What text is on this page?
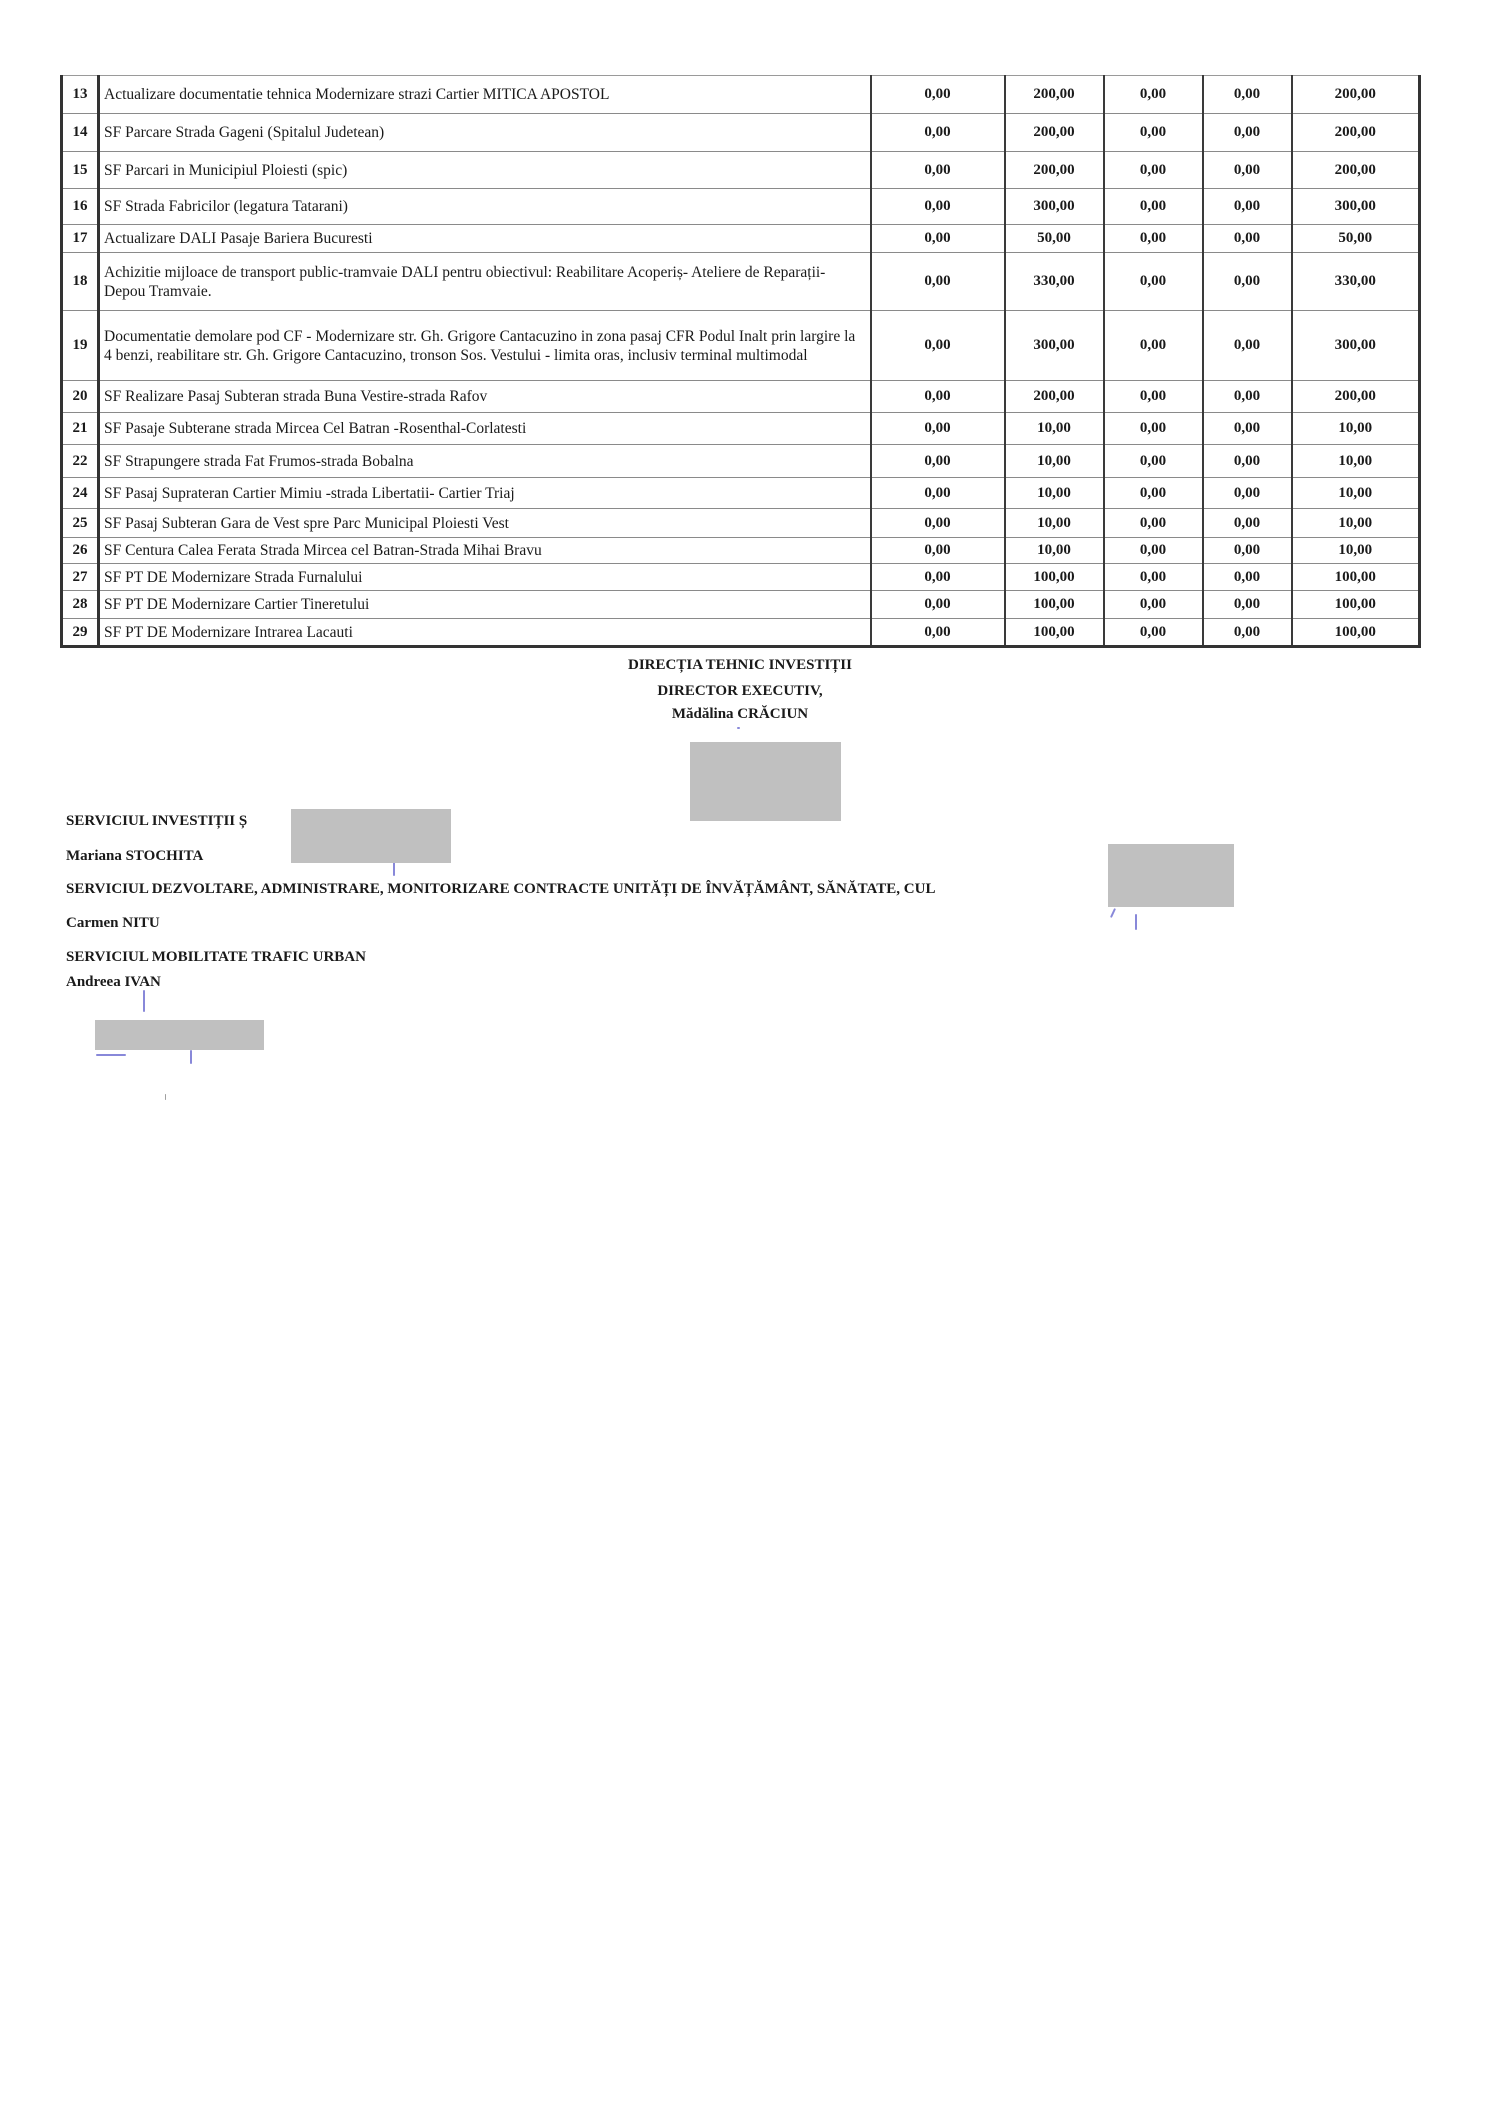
13	Actualizare documentatie tehnica Modernizare strazi Cartier MITICA APOSTOL	0,00	200,00	0,00	0,00	200,00
14	SF Parcare Strada Gageni (Spitalul Judetean)	0,00	200,00	0,00	0,00	200,00
15	SF Parcari in Municipiul Ploiesti (spic)	0,00	200,00	0,00	0,00	200,00
16	SF Strada Fabricilor (legatura Tatarani)	0,00	300,00	0,00	0,00	300,00
17	Actualizare DALI Pasaje Bariera Bucuresti	0,00	50,00	0,00	0,00	50,00
18	Achizitie mijloace de transport public-tramvaie DALI pentru obiectivul: Reabilitare Acoperiș- Ateliere de Reparații-Depou Tramvaie.	0,00	330,00	0,00	0,00	330,00
19	Documentatie demolare pod CF - Modernizare str. Gh. Grigore Cantacuzino in zona pasaj CFR Podul Inalt prin largire la 4 benzi, reabilitare str. Gh. Grigore Cantacuzino, tronson Sos. Vestului - limita oras, inclusiv terminal multimodal	0,00	300,00	0,00	0,00	300,00
20	SF Realizare Pasaj Subteran strada Buna Vestire-strada Rafov	0,00	200,00	0,00	0,00	200,00
21	SF Pasaje Subterane strada Mircea Cel Batran -Rosenthal-Corlatesti	0,00	10,00	0,00	0,00	10,00
22	SF Strapungere strada Fat Frumos-strada Bobalna	0,00	10,00	0,00	0,00	10,00
24	SF Pasaj Suprateran Cartier Mimiu -strada Libertatii- Cartier Triaj	0,00	10,00	0,00	0,00	10,00
25	SF Pasaj Subteran Gara de Vest spre Parc Municipal Ploiesti Vest	0,00	10,00	0,00	0,00	10,00
26	SF Centura Calea Ferata Strada Mircea cel Batran-Strada Mihai Bravu	0,00	10,00	0,00	0,00	10,00
27	SF PT DE Modernizare Strada Furnalului	0,00	100,00	0,00	0,00	100,00
28	SF PT DE Modernizare Cartier Tineretului	0,00	100,00	0,00	0,00	100,00
29	SF PT DE Modernizare Intrarea Lacauti	0,00	100,00	0,00	0,00	100,00
DIRECȚIA TEHNIC INVESTIȚII
DIRECTOR EXECUTIV,
Mădălina CRĂCIUN
SERVICIUL INVESTIȚII Ș
Mariana STOCHITA
SERVICIUL DEZVOLTARE, ADMINISTRARE, MONITORIZARE CONTRACTE UNITĂȚI DE ÎNVĂȚĂMÂNT, SĂNĂTATE, CUL
Carmen NITU
SERVICIUL MOBILITATE TRAFIC URBAN
Andreea IVAN
